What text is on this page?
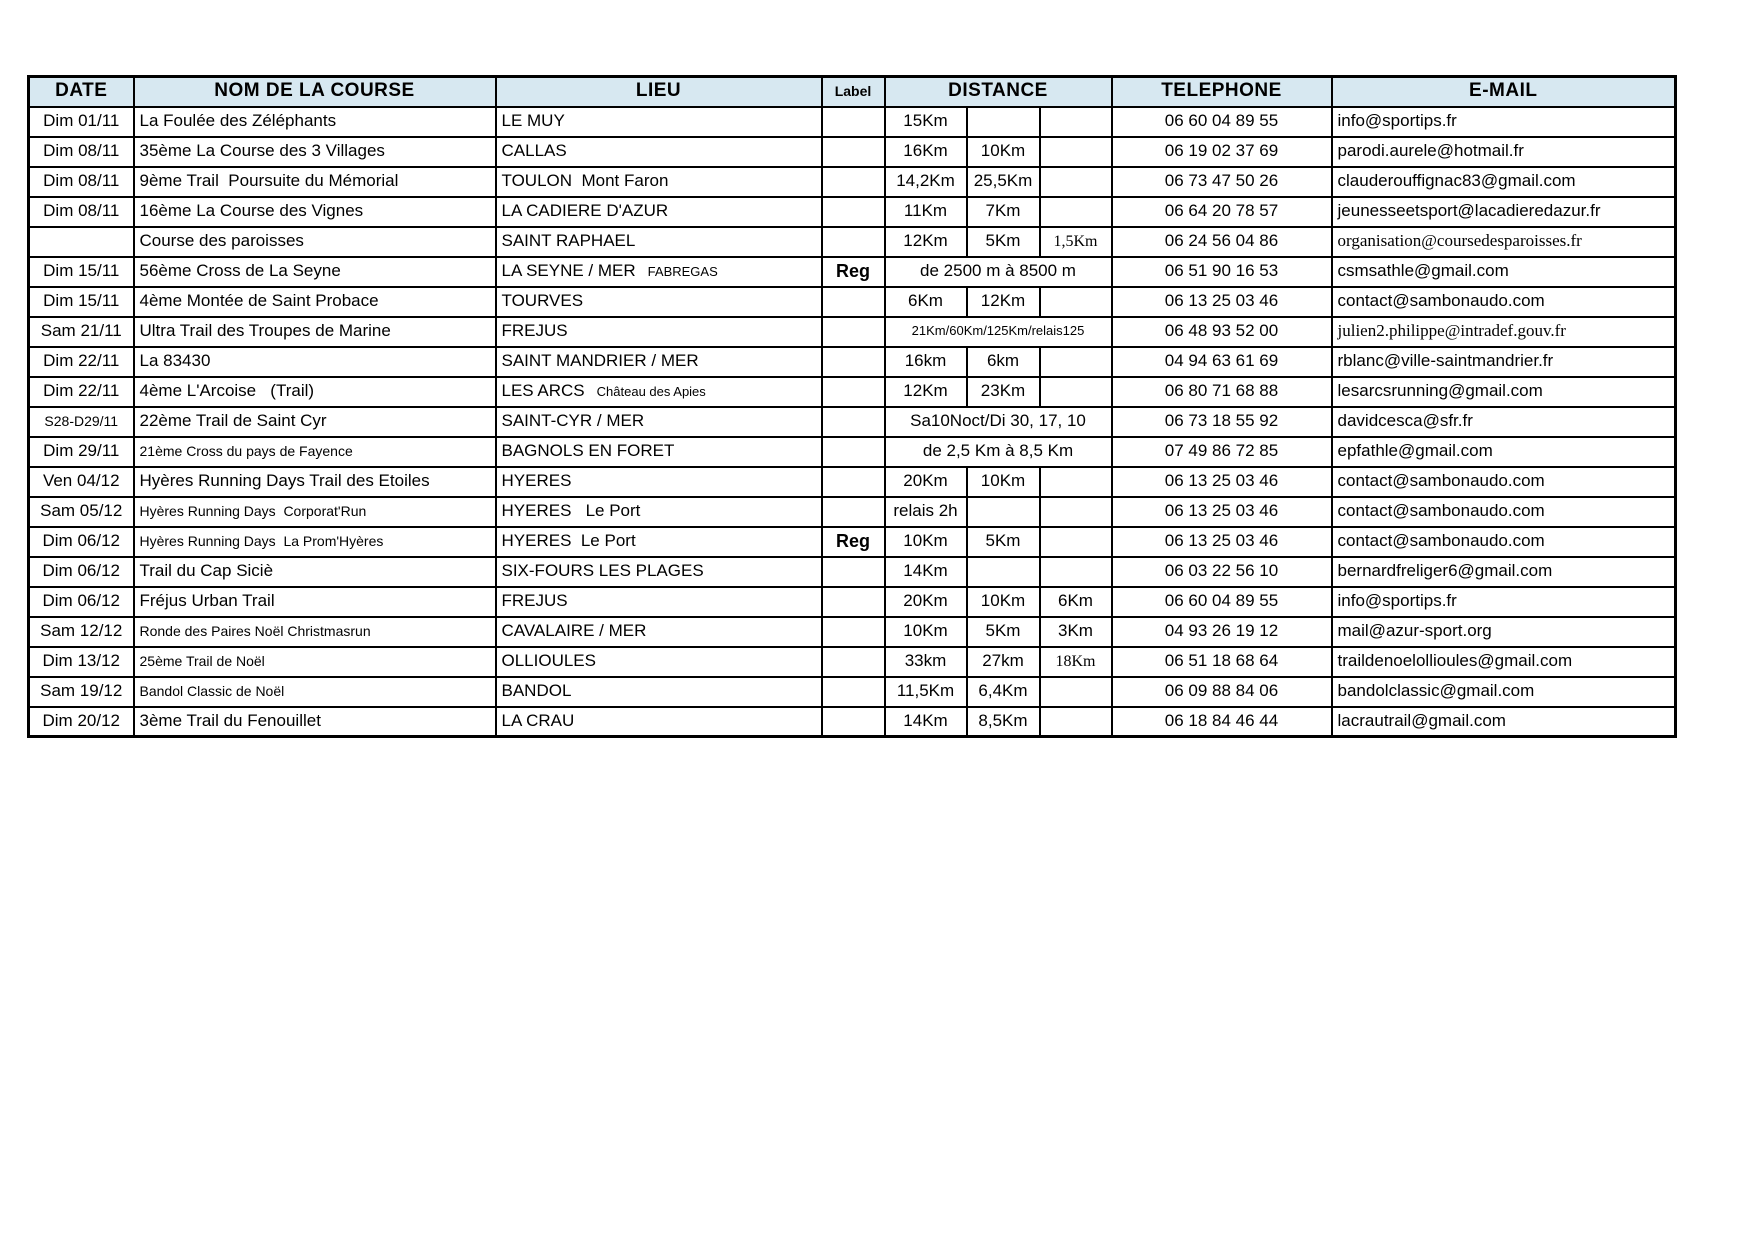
DATE	NOM DE LA COURSE	LIEU	Label	DISTANCE			TELEPHONE	E-MAIL
Dim 01/11	La Foulée des Zéléphants	LE MUY		15Km			06 60 04 89 55	info@sportips.fr
Dim 08/11	35ème La Course des 3 Villages	CALLAS		16Km	10Km		06 19 02 37 69	parodi.aurele@hotmail.fr
Dim 08/11	9ème Trail  Poursuite du Mémorial	TOULON  Mont Faron		14,2Km	25,5Km		06 73 47 50 26	clauderouffignac83@gmail.com
Dim 08/11	16ème La Course des Vignes	LA CADIERE D'AZUR		11Km	7Km		06 64 20 78 57	jeunesseetsport@lacadieredazur.fr
	Course des paroisses	SAINT RAPHAEL		12Km	5Km	1,5Km	06 24 56 04 86	organisation@coursedesparoisses.fr
Dim 15/11	56ème Cross de La Seyne	LA SEYNE / MER FABREGAS	Reg	de 2500 m à 8500 m			06 51 90 16 53	csmsathle@gmail.com
Dim 15/11	4ème Montée de Saint Probace	TOURVES		6Km	12Km		06 13 25 03 46	contact@sambonaudo.com
Sam 21/11	Ultra Trail des Troupes de Marine	FREJUS		21Km/60Km/125Km/relais125			06 48 93 52 00	julien2.philippe@intradef.gouv.fr
Dim 22/11	La 83430	SAINT MANDRIER / MER		16km	6km		04 94 63 61 69	rblanc@ville-saintmandrier.fr
Dim 22/11	4ème L'Arcoise   (Trail)	LES ARCS Château des Apies		12Km	23Km		06 80 71 68 88	lesarcsrunning@gmail.com
S28-D29/11	22ème Trail de Saint Cyr	SAINT-CYR / MER		Sa10Noct/Di 30, 17, 10			06 73 18 55 92	davidcesca@sfr.fr
Dim 29/11	21ème Cross du pays de Fayence	BAGNOLS EN FORET		de 2,5 Km à 8,5 Km			07 49 86 72 85	epfathle@gmail.com
Ven 04/12	Hyères Running Days Trail des Etoiles	HYERES		20Km	10Km		06 13 25 03 46	contact@sambonaudo.com
Sam 05/12	Hyères Running Days  Corporat'Run	HYERES   Le Port		relais 2h			06 13 25 03 46	contact@sambonaudo.com
Dim 06/12	Hyères Running Days  La Prom'Hyères	HYERES  Le Port	Reg	10Km	5Km		06 13 25 03 46	contact@sambonaudo.com
Dim 06/12	Trail du Cap Siciè	SIX-FOURS LES PLAGES		14Km			06 03 22 56 10	bernardfreliger6@gmail.com
Dim 06/12	Fréjus Urban Trail	FREJUS		20Km	10Km	6Km	06 60 04 89 55	info@sportips.fr
Sam 12/12	Ronde des Paires Noël Christmasrun	CAVALAIRE / MER		10Km	5Km	3Km	04 93 26 19 12	mail@azur-sport.org
Dim 13/12	25ème Trail de Noël	OLLIOULES		33km	27km	18Km	06 51 18 68 64	traildenoelollioules@gmail.com
Sam 19/12	Bandol Classic de Noël	BANDOL		11,5Km	6,4Km		06 09 88 84 06	bandolclassic@gmail.com
Dim 20/12	3ème Trail du Fenouillet	LA CRAU		14Km	8,5Km		06 18 84 46 44	lacrautrail@gmail.com
